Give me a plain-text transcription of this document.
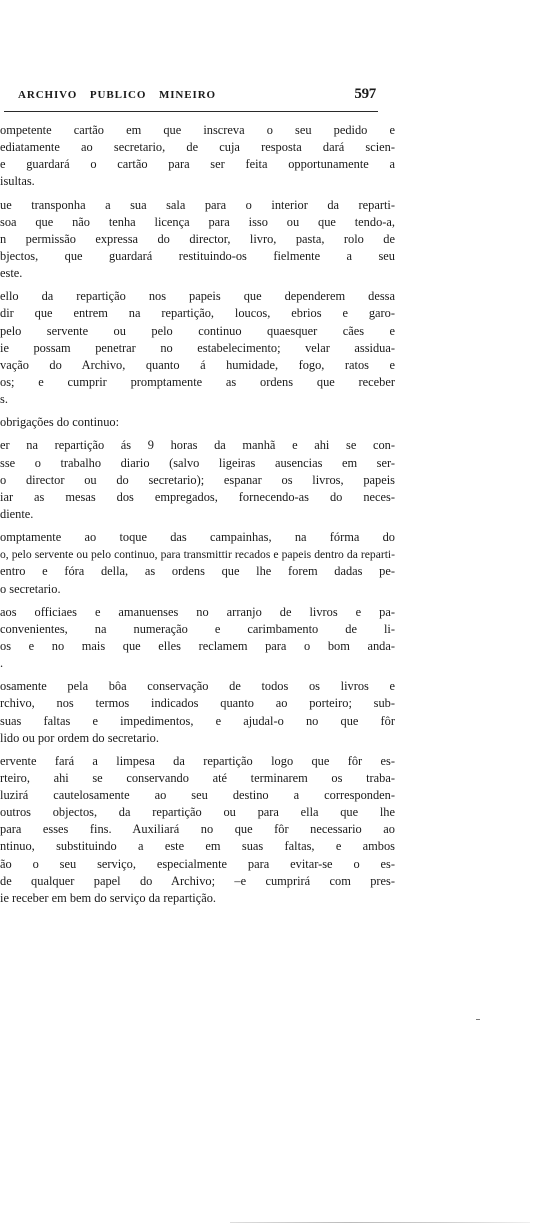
ARCHIVO PUBLICO MINEIRO	597
ompetente cartão em que inscreva o seu pedido e
ediatamente ao secretario, de cuja resposta dará scien-
e guardará o cartão para ser feita opportunamente a
isultas.
ue transponha a sua sala para o interior da reparti-
soa que não tenha licença para isso ou que tendo-a,
n permissão expressa do director, livro, pasta, rolo de
bjectos, que guardará restituindo-os fielmente a seu
este.
ello da repartição nos papeis que dependerem dessa
dir que entrem na repartição, loucos, ebrios e garo-
pelo servente ou pelo continuo quaesquer cães e
ie possam penetrar no estabelecimento; velar assidua-
vação do Archivo, quanto á humidade, fogo, ratos e
os; e cumprir promptamente as ordens que receber
s.
obrigações do continuo:
er na repartição ás 9 horas da manhã e ahi se con-
sse o trabalho diario (salvo ligeiras ausencias em ser-
o director ou do secretario); espanar os livros, papeis
iar as mesas dos empregados, fornecendo-as do neces-
diente.
omptamente ao toque das campainhas, na fórma do
o, pelo servente ou pelo continuo, para transmittir recados e papeis dentro da reparti-
entro e fóra della, as ordens que lhe forem dadas pe-
o secretario.
aos officiaes e amanuenses no arranjo de livros e pa-
convenientes, na numeração e carimbamento de li-
os e no mais que elles reclamem para o bom anda-
.
osamente pela bôa conservação de todos os livros e
rchivo, nos termos indicados quanto ao porteiro; sub-
suas faltas e impedimentos, e ajudal-o no que fôr
lido ou por ordem do secretario.
ervente fará a limpesa da repartição logo que fôr es-
rteiro, ahi se conservando até terminarem os traba-
luzirá cautelosamente ao seu destino a corresponden-
outros objectos, da repartição ou para ella que lhe
para esses fins. Auxiliará no que fôr necessario ao
ntinuo, substituindo a este em suas faltas, e ambos
ão o seu serviço, especialmente para evitar-se o es-
de qualquer papel do Archivo; –e cumprirá com pres-
ie receber em bem do serviço da repartição.
